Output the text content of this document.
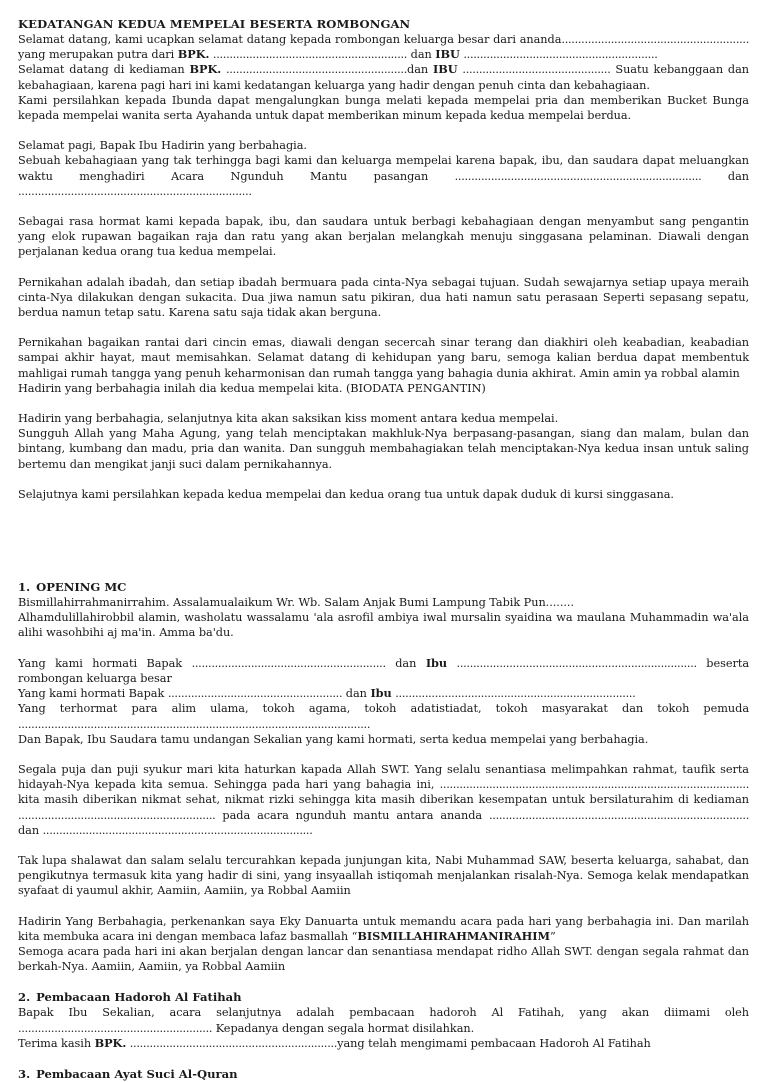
KEDATANGAN KEDUA MEMPELAI BESERTA ROMBONGAN

Selamat datang, kami ucapkan selamat datang kepada rombongan keluarga besar dari ananda......................................................... yang merupakan putra dari BPK. ........................................................... dan IBU ...........................................................

Selamat datang di kediaman BPK. .......................................................dan IBU ............................................. Suatu kebanggaan dan kebahagiaan, karena pagi hari ini kami kedatangan keluarga yang hadir dengan penuh cinta dan kebahagiaan.

Kami persilahkan kepada Ibunda dapat mengalungkan bunga melati kepada mempelai pria dan memberikan Bucket Bunga kepada mempelai wanita serta Ayahanda untuk dapat memberikan minum kepada kedua mempelai berdua.

Selamat pagi, Bapak Ibu Hadirin yang berbahagia.

Sebuah kebahagiaan yang tak terhingga bagi kami dan keluarga mempelai karena bapak, ibu, dan saudara dapat meluangkan waktu menghadiri Acara Ngunduh Mantu pasangan ........................................................................... dan .......................................................................

Sebagai rasa hormat kami kepada bapak, ibu, dan saudara untuk berbagi kebahagiaan dengan menyambut sang pengantin yang elok rupawan bagaikan raja dan ratu yang akan berjalan melangkah menuju singgasana pelaminan. Diawali dengan perjalanan kedua orang tua kedua mempelai.

Pernikahan adalah ibadah, dan setiap ibadah bermuara pada cinta-Nya sebagai tujuan. Sudah sewajarnya setiap upaya meraih cinta-Nya dilakukan dengan sukacita. Dua jiwa namun satu pikiran, dua hati namun satu perasaan Seperti sepasang sepatu, berdua namun tetap satu. Karena satu saja tidak akan berguna.

Pernikahan bagaikan rantai dari cincin emas, diawali dengan secercah sinar terang dan diakhiri oleh keabadian, keabadian sampai akhir hayat, maut memisahkan. Selamat datang di kehidupan yang baru, semoga kalian berdua dapat membentuk mahligai rumah tangga yang penuh keharmonisan dan rumah tangga yang bahagia dunia akhirat. Amin amin ya robbal alamin

Hadirin yang berbahagia inilah dia kedua mempelai kita. (BIODATA PENGANTIN)

Hadirin yang berbahagia, selanjutnya kita akan saksikan kiss moment antara kedua mempelai.

Sungguh Allah yang Maha Agung, yang telah menciptakan makhluk-Nya berpasang-pasangan, siang dan malam, bulan dan bintang, kumbang dan madu, pria dan wanita. Dan sungguh membahagiakan telah menciptakan-Nya kedua insan untuk saling bertemu dan mengikat janji suci dalam pernikahannya.

Selajutnya kami persilahkan kepada kedua mempelai dan kedua orang tua untuk dapak duduk di kursi singgasana.

1. OPENING MC

Bismillahirrahmanirrahim. Assalamualaikum Wr. Wb. Salam Anjak Bumi Lampung Tabik Pun........

Alhamdulillahirobbil alamin, washolatu wassalamu 'ala asrofil ambiya iwal mursalin syaidina wa maulana Muhammadin wa'ala alihi wasohbihi aj ma'in. Amma ba'du.

Yang kami hormati Bapak ........................................................... dan Ibu ......................................................................... beserta rombongan keluarga besar

Yang kami hormati Bapak ..................................................... dan Ibu .........................................................................

Yang terhormat para alim ulama, tokoh agama, tokoh adatistiadat, tokoh masyarakat dan tokoh pemuda ...........................................................................................................

Dan Bapak, Ibu Saudara tamu undangan Sekalian yang kami hormati, serta kedua mempelai yang berbahagia.

Segala puja dan puji syukur mari kita haturkan kapada Allah SWT. Yang selalu senantiasa melimpahkan rahmat, taufik serta hidayah-Nya kepada kita semua. Sehingga pada hari yang bahagia ini, .............................................................................................. kita masih diberikan nikmat sehat, nikmat rizki sehingga kita masih diberikan kesempatan untuk bersilaturahim di kediaman ............................................................ pada acara ngunduh mantu antara ananda ............................................................................... dan ..................................................................................

Tak lupa shalawat dan salam selalu tercurahkan kepada junjungan kita, Nabi Muhammad SAW, beserta keluarga, sahabat, dan pengikutnya termasuk kita yang hadir di sini, yang insyaallah istiqomah menjalankan risalah-Nya. Semoga kelak mendapatkan syafaat di yaumul akhir, Aamiin, Aamiin, ya Robbal Aamiin

Hadirin Yang Berbahagia, perkenankan saya Eky Danuarta untuk memandu acara pada hari yang berbahagia ini. Dan marilah kita membuka acara ini dengan membaca lafaz basmallah “BISMILLAHIRAHMANIRAHIM”

Semoga acara pada hari ini akan berjalan dengan lancar dan senantiasa mendapat ridho Allah SWT. dengan segala rahmat dan berkah-Nya. Aamiin, Aamiin, ya Robbal Aamiin

2. Pembacaan Hadoroh Al Fatihah

Bapak Ibu Sekalian, acara selanjutnya adalah pembacaan hadoroh Al Fatihah, yang akan diimami oleh ........................................................... Kepadanya dengan segala hormat disilahkan.

Terima kasih BPK. ...............................................................yang telah mengimami pembacaan Hadoroh Al Fatihah

3. Pembacaan Ayat Suci Al-Quran
